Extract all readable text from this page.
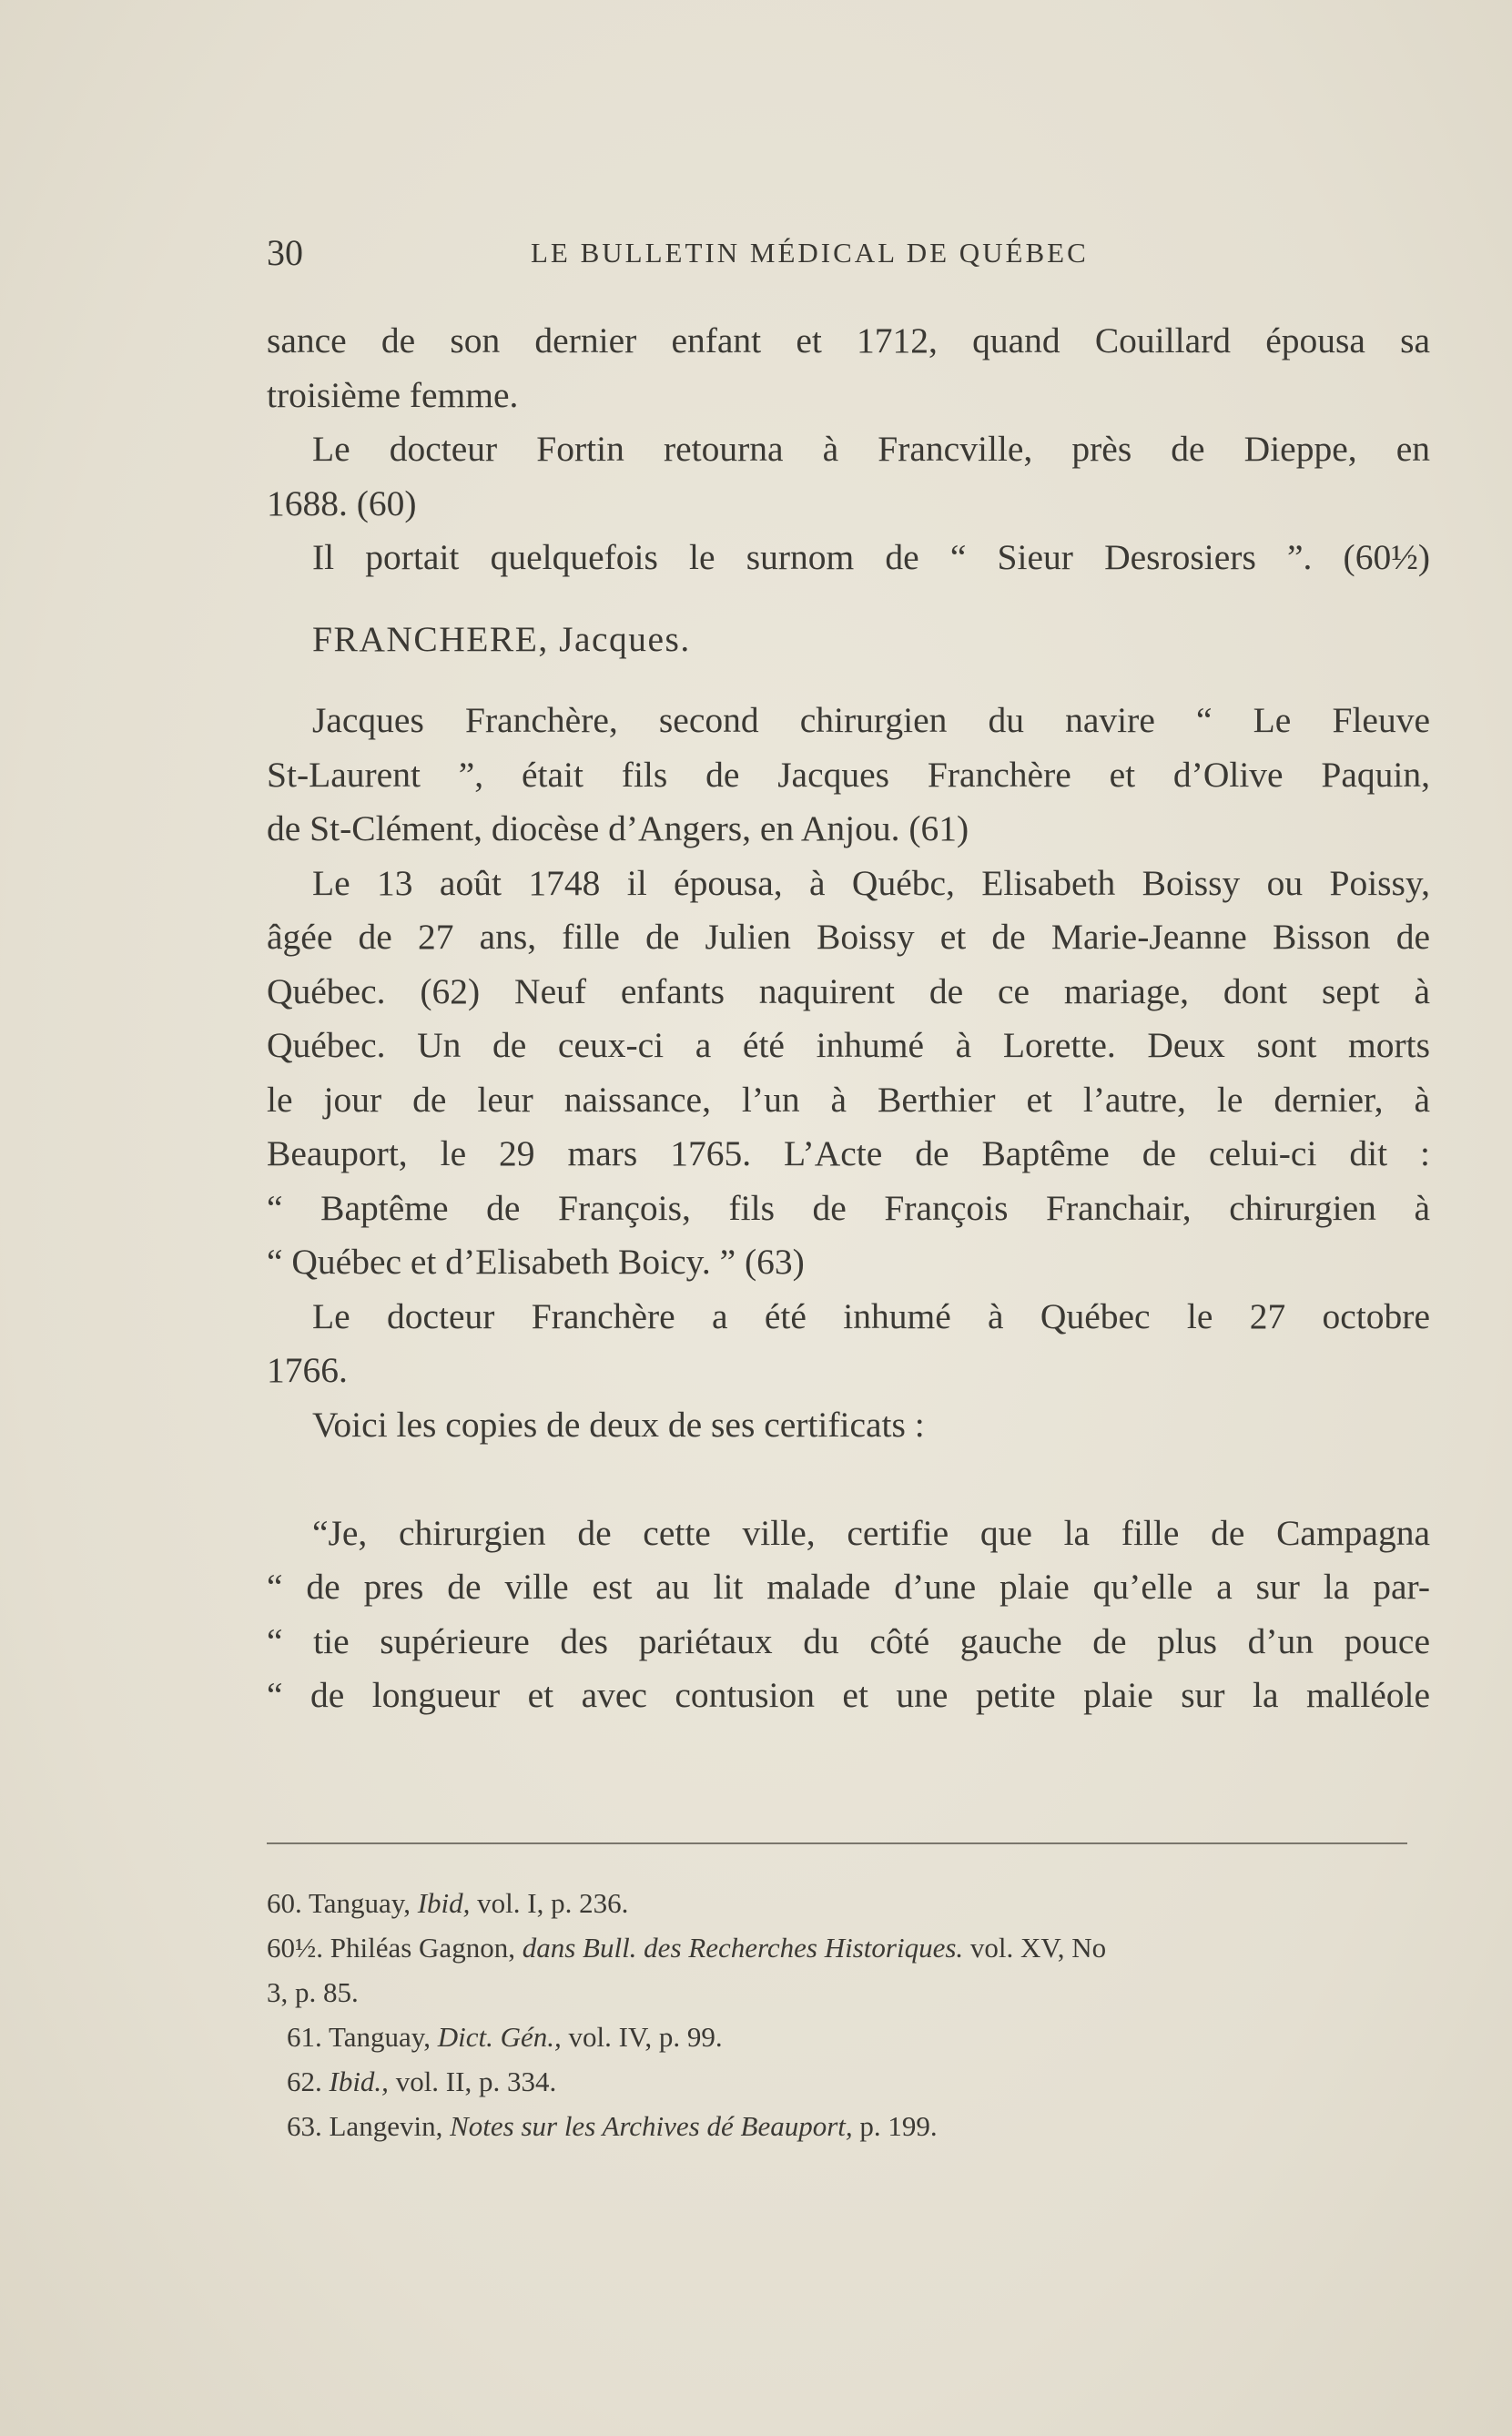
30	LE BULLETIN MÉDICAL DE QUÉBEC
sance de son dernier enfant et 1712, quand Couillard épousa sa
troisième femme.
Le docteur Fortin retourna à Francville, près de Dieppe, en
1688. (60)
Il portait quelquefois le surnom de “ Sieur Desrosiers ”. (60½)
FRANCHERE, Jacques.
Jacques Franchère, second chirurgien du navire “ Le Fleuve
St-Laurent ”, était fils de Jacques Franchère et d’Olive Paquin,
de St-Clément, diocèse d’Angers, en Anjou. (61)
Le 13 août 1748 il épousa, à Québc, Elisabeth Boissy ou Poissy,
âgée de 27 ans, fille de Julien Boissy et de Marie-Jeanne Bisson de
Québec. (62) Neuf enfants naquirent de ce mariage, dont sept à
Québec. Un de ceux-ci a été inhumé à Lorette. Deux sont morts
le jour de leur naissance, l’un à Berthier et l’autre, le dernier, à
Beauport, le 29 mars 1765. L’Acte de Baptême de celui-ci dit :
“ Baptême de François, fils de François Franchair, chirurgien à
“ Québec et d’Elisabeth Boicy. ” (63)
Le docteur Franchère a été inhumé à Québec le 27 octobre
1766.
Voici les copies de deux de ses certificats :
“Je, chirurgien de cette ville, certifie que la fille de Campagna
“ de pres de ville est au lit malade d’une plaie qu’elle a sur la par-
“ tie supérieure des pariétaux du côté gauche de plus d’un pouce
“ de longueur et avec contusion et une petite plaie sur la malléole
60. Tanguay, Ibid, vol. I, p. 236.
60½. Philéas Gagnon, dans Bull. des Recherches Historiques. vol. XV, No
3, p. 85.
61. Tanguay, Dict. Gén., vol. IV, p. 99.
62. Ibid., vol. II, p. 334.
63. Langevin, Notes sur les Archives dé Beauport, p. 199.
